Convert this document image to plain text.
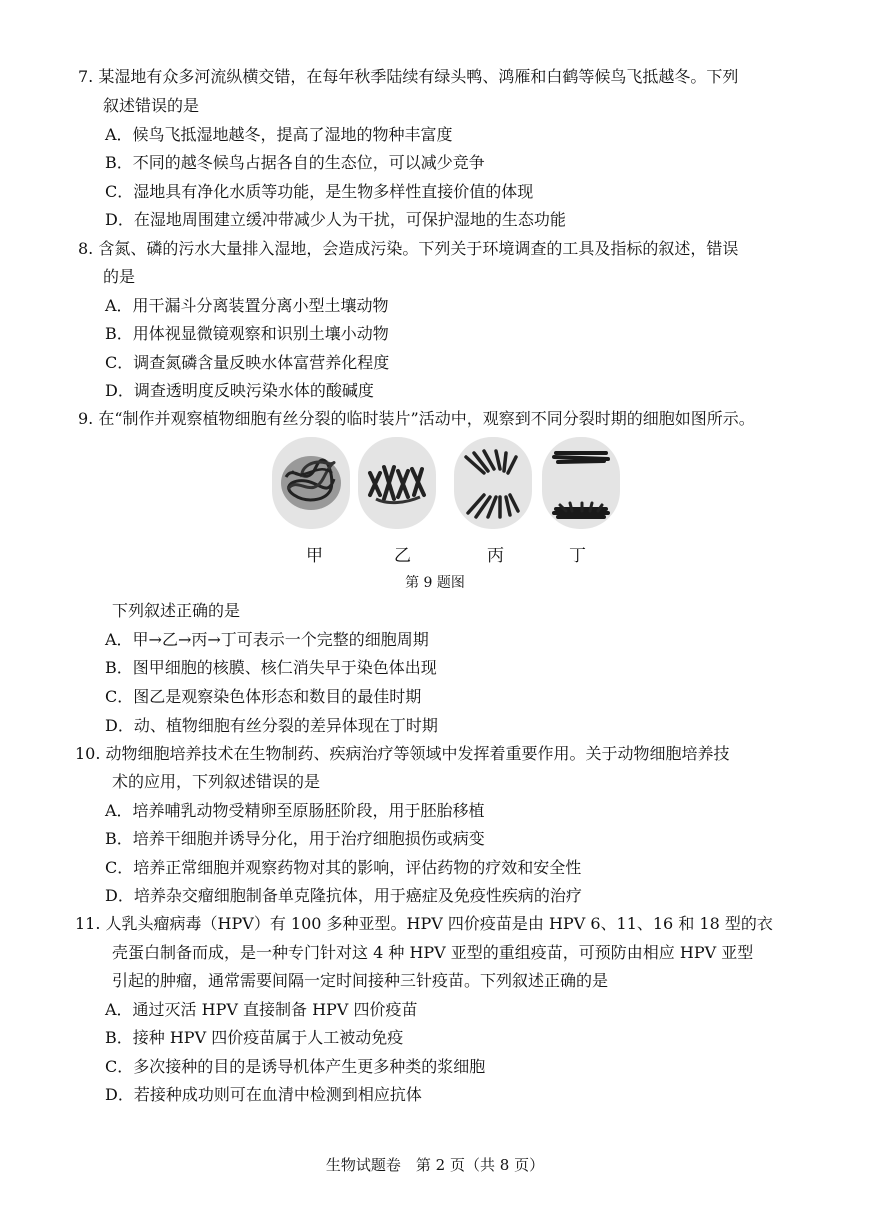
7. 某湿地有众多河流纵横交错，在每年秋季陆续有绿头鸭、鸿雁和白鹤等候鸟飞抵越冬。下列
叙述错误的是
A．候鸟飞抵湿地越冬，提高了湿地的物种丰富度
B．不同的越冬候鸟占据各自的生态位，可以减少竞争
C．湿地具有净化水质等功能，是生物多样性直接价值的体现
D．在湿地周围建立缓冲带减少人为干扰，可保护湿地的生态功能
8. 含氮、磷的污水大量排入湿地，会造成污染。下列关于环境调查的工具及指标的叙述，错误
的是
A．用干漏斗分离装置分离小型土壤动物
B．用体视显微镜观察和识别土壤小动物
C．调查氮磷含量反映水体富营养化程度
D．调查透明度反映污染水体的酸碱度
9. 在“制作并观察植物细胞有丝分裂的临时装片”活动中，观察到不同分裂时期的细胞如图所示。
甲	乙	丙	丁
第 9 题图
下列叙述正确的是
A．甲→乙→丙→丁可表示一个完整的细胞周期
B．图甲细胞的核膜、核仁消失早于染色体出现
C．图乙是观察染色体形态和数目的最佳时期
D．动、植物细胞有丝分裂的差异体现在丁时期
10. 动物细胞培养技术在生物制药、疾病治疗等领域中发挥着重要作用。关于动物细胞培养技
术的应用，下列叙述错误的是
A．培养哺乳动物受精卵至原肠胚阶段，用于胚胎移植
B．培养干细胞并诱导分化，用于治疗细胞损伤或病变
C．培养正常细胞并观察药物对其的影响，评估药物的疗效和安全性
D．培养杂交瘤细胞制备单克隆抗体，用于癌症及免疫性疾病的治疗
11. 人乳头瘤病毒（HPV）有 100 多种亚型。HPV 四价疫苗是由 HPV 6、11、16 和 18 型的衣
壳蛋白制备而成，是一种专门针对这 4 种 HPV 亚型的重组疫苗，可预防由相应 HPV 亚型
引起的肿瘤，通常需要间隔一定时间接种三针疫苗。下列叙述正确的是
A．通过灭活 HPV 直接制备 HPV 四价疫苗
B．接种 HPV 四价疫苗属于人工被动免疫
C．多次接种的目的是诱导机体产生更多种类的浆细胞
D．若接种成功则可在血清中检测到相应抗体
生物试题卷　第 2 页（共 8 页）
